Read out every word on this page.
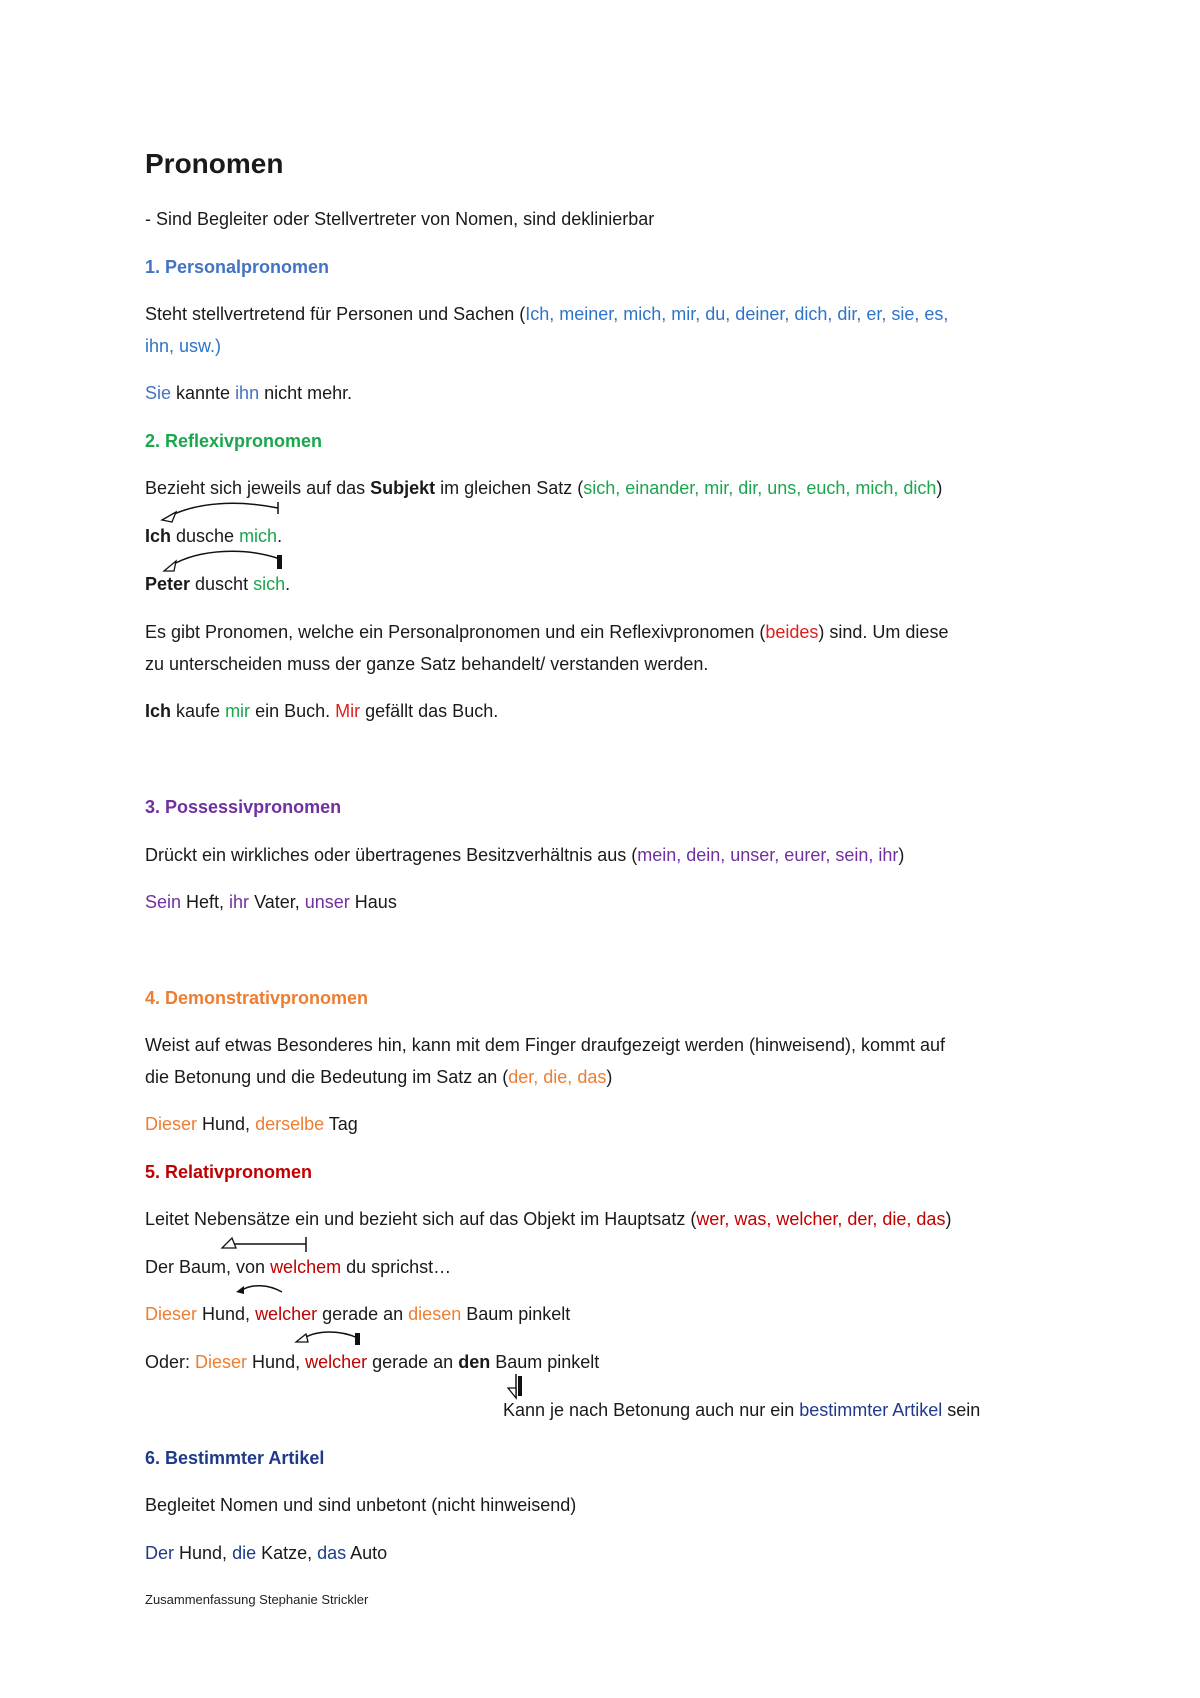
Pronomen
- Sind Begleiter oder Stellvertreter von Nomen, sind deklinierbar
1. Personalpronomen
Steht stellvertretend für Personen und Sachen (Ich, meiner, mich, mir, du, deiner, dich, dir, er, sie, es,
ihn, usw.)
Sie kannte ihn nicht mehr.
2. Reflexivpronomen
Bezieht sich jeweils auf das Subjekt im gleichen Satz (sich, einander, mir, dir, uns, euch, mich, dich)
Ich dusche mich.
Peter duscht sich.
Es gibt Pronomen, welche ein Personalpronomen und ein Reflexivpronomen (beides) sind. Um diese
zu unterscheiden muss der ganze Satz behandelt/ verstanden werden.
Ich kaufe mir ein Buch. Mir gefällt das Buch.
3. Possessivpronomen
Drückt ein wirkliches oder übertragenes Besitzverhältnis aus (mein, dein, unser, eurer, sein, ihr)
Sein Heft, ihr Vater, unser Haus
4. Demonstrativpronomen
Weist auf etwas Besonderes hin, kann mit dem Finger draufgezeigt werden (hinweisend), kommt auf
die Betonung und die Bedeutung im Satz an (der, die, das)
Dieser Hund, derselbe Tag
5. Relativpronomen
Leitet Nebensätze ein und bezieht sich auf das Objekt im Hauptsatz (wer, was, welcher, der, die, das)
Der Baum, von welchem du sprichst…
Dieser Hund, welcher gerade an diesen Baum pinkelt
Oder: Dieser Hund, welcher gerade an den Baum pinkelt
Kann je nach Betonung auch nur ein bestimmter Artikel sein
6. Bestimmter Artikel
Begleitet Nomen und sind unbetont (nicht hinweisend)
Der Hund, die Katze, das Auto
Zusammenfassung Stephanie Strickler
